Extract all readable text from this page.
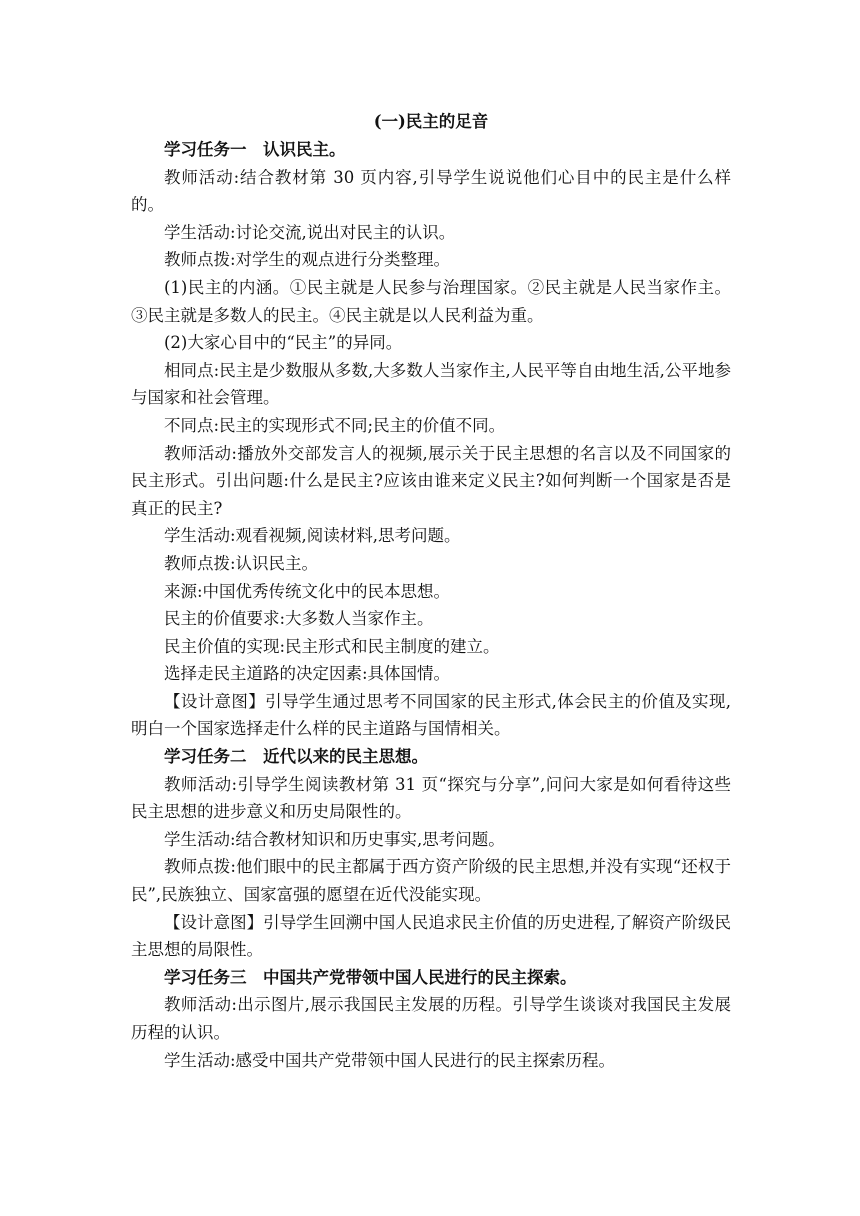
(一)民主的足音

学习任务一　认识民主。

教师活动:结合教材第 30 页内容,引导学生说说他们心目中的民主是什么样的。

学生活动:讨论交流,说出对民主的认识。

教师点拨:对学生的观点进行分类整理。

(1)民主的内涵。①民主就是人民参与治理国家。②民主就是人民当家作主。③民主就是多数人的民主。④民主就是以人民利益为重。

(2)大家心目中的“民主”的异同。

相同点:民主是少数服从多数,大多数人当家作主,人民平等自由地生活,公平地参与国家和社会管理。

不同点:民主的实现形式不同;民主的价值不同。

教师活动:播放外交部发言人的视频,展示关于民主思想的名言以及不同国家的民主形式。引出问题:什么是民主?应该由谁来定义民主?如何判断一个国家是否是真正的民主?

学生活动:观看视频,阅读材料,思考问题。

教师点拨:认识民主。

来源:中国优秀传统文化中的民本思想。

民主的价值要求:大多数人当家作主。

民主价值的实现:民主形式和民主制度的建立。

选择走民主道路的决定因素:具体国情。

【设计意图】引导学生通过思考不同国家的民主形式,体会民主的价值及实现,明白一个国家选择走什么样的民主道路与国情相关。

学习任务二　近代以来的民主思想。

教师活动:引导学生阅读教材第 31 页“探究与分享”,问问大家是如何看待这些民主思想的进步意义和历史局限性的。

学生活动:结合教材知识和历史事实,思考问题。

教师点拨:他们眼中的民主都属于西方资产阶级的民主思想,并没有实现“还权于民”,民族独立、国家富强的愿望在近代没能实现。

【设计意图】引导学生回溯中国人民追求民主价值的历史进程,了解资产阶级民主思想的局限性。

学习任务三　中国共产党带领中国人民进行的民主探索。

教师活动:出示图片,展示我国民主发展的历程。引导学生谈谈对我国民主发展历程的认识。

学生活动:感受中国共产党带领中国人民进行的民主探索历程。
